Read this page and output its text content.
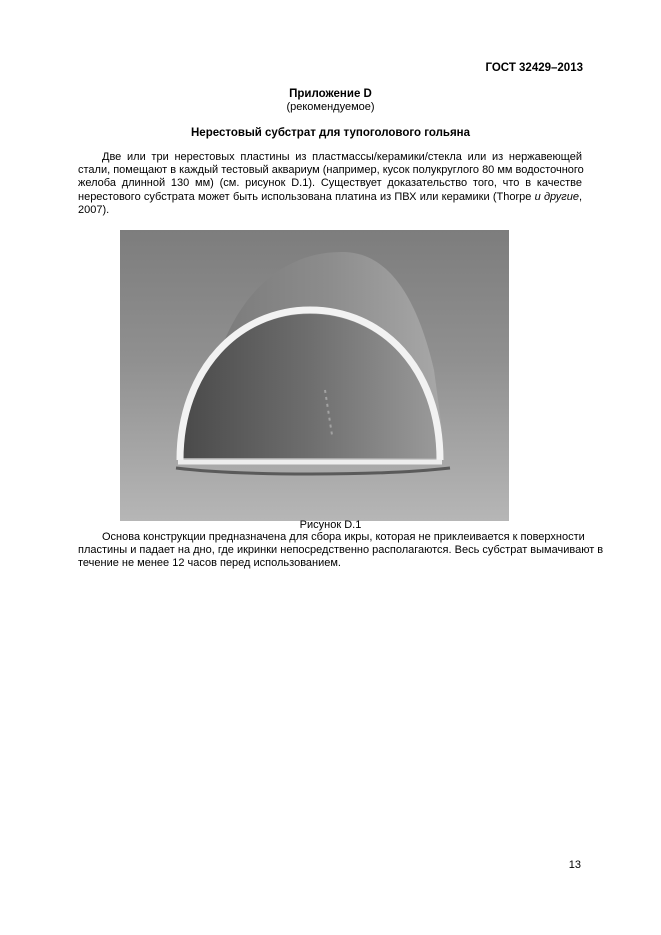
ГОСТ 32429–2013
Приложение D
(рекомендуемое)
Нерестовый субстрат для тупоголового гольяна
Две или три нерестовых пластины из пластмассы/керамики/стекла или из нержавеющей
стали, помещают в каждый тестовый аквариум (например, кусок полукруглого 80 мм водосточного
желоба длинной 130 мм) (см. рисунок D.1). Существует доказательство того, что в качестве
нерестового субстрата может быть использована платина из ПВХ или керамики (Thorpe и другие,
2007).
Рисунок D.1
Основа конструкции предназначена для сбора икры, которая не приклеивается к поверхности
пластины и падает на дно, где икринки непосредственно располагаются. Весь субстрат вымачивают в
течение не менее 12 часов перед использованием.
13
